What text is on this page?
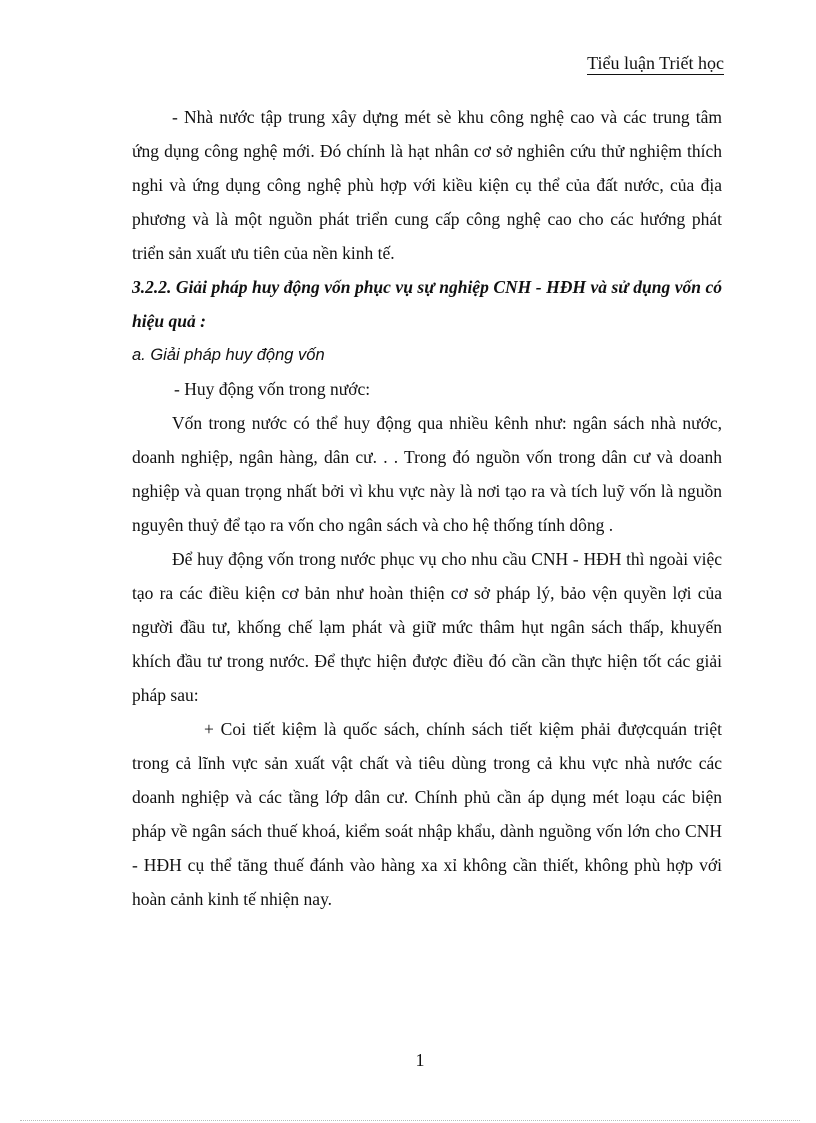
Tiểu luận Triết học

- Nhà nước tập trung xây dựng mét sè khu công nghệ cao và các trung tâm ứng dụng công nghệ mới. Đó chính là hạt nhân cơ sở nghiên cứu thử nghiệm thích nghi và ứng dụng công nghệ phù hợp với kiều kiện cụ thể của đất nước, của địa phương và là một nguồn phát triển cung cấp công nghệ cao cho các hướng phát triển sản xuất ưu tiên của nền kinh tế.

3.2.2. Giải pháp huy động vốn phục vụ sự nghiệp CNH - HĐH và sử dụng vốn có hiệu quả :

a. Giải pháp huy động vốn

- Huy động vốn trong nước:

Vốn trong nước có thể huy động qua nhiều kênh như: ngân sách nhà nước, doanh nghiệp, ngân hàng, dân cư. . . Trong đó nguồn vốn trong dân cư và doanh nghiệp và quan trọng nhất bởi vì khu vực này là nơi tạo ra và tích luỹ vốn là nguồn nguyên thuỷ để tạo ra vốn cho ngân sách và cho hệ thống tính dông .

Để huy động vốn trong nước phục vụ cho nhu cầu CNH - HĐH thì ngoài việc tạo ra các điều kiện cơ bản như hoàn thiện cơ sở pháp lý, bảo vện quyền lợi của người đầu tư, khống chế lạm phát và giữ mức thâm hụt ngân sách thấp, khuyến khích đầu tư trong nước. Để thực hiện được điều đó cần cần thực hiện tốt các giải pháp sau:

+ Coi tiết kiệm là quốc sách, chính sách tiết kiệm phải đượcquán triệt trong cả lĩnh vực sản xuất vật chất và tiêu dùng trong cả khu vực nhà nước các doanh nghiệp và các tầng lớp dân cư. Chính phủ cần áp dụng mét loạu các biện pháp về ngân sách thuế khoá, kiểm soát nhập khẩu, dành nguồng vốn lớn cho CNH - HĐH cụ thể tăng thuế đánh vào hàng xa xỉ không cần thiết, không phù hợp với hoàn cảnh kinh tế nhiện nay.

1
